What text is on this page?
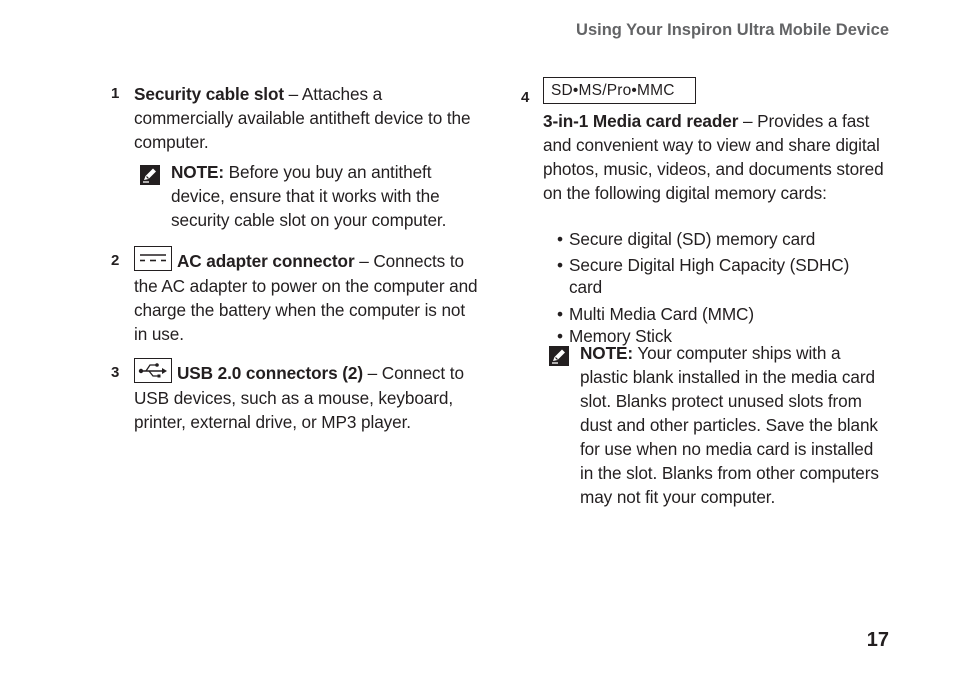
Using Your Inspiron Ultra Mobile Device
1 Security cable slot – Attaches a commercially available antitheft device to the computer.
NOTE: Before you buy an antitheft device, ensure that it works with the security cable slot on your computer.
2	AC adapter connector – Connects to the AC adapter to power on the computer and charge the battery when the computer is not in use.
3	USB 2.0 connectors (2) – Connect to USB devices, such as a mouse, keyboard, printer, external drive, or MP3 player.
4	SD•MS/Pro•MMC
3-in-1 Media card reader – Provides a fast and convenient way to view and share digital photos, music, videos, and documents stored on the following digital memory cards:
• Secure digital (SD) memory card
• Secure Digital High Capacity (SDHC) card
• Multi Media Card (MMC)
• Memory Stick
NOTE: Your computer ships with a plastic blank installed in the media card slot. Blanks protect unused slots from dust and other particles. Save the blank for use when no media card is installed in the slot. Blanks from other computers may not fit your computer.
17
